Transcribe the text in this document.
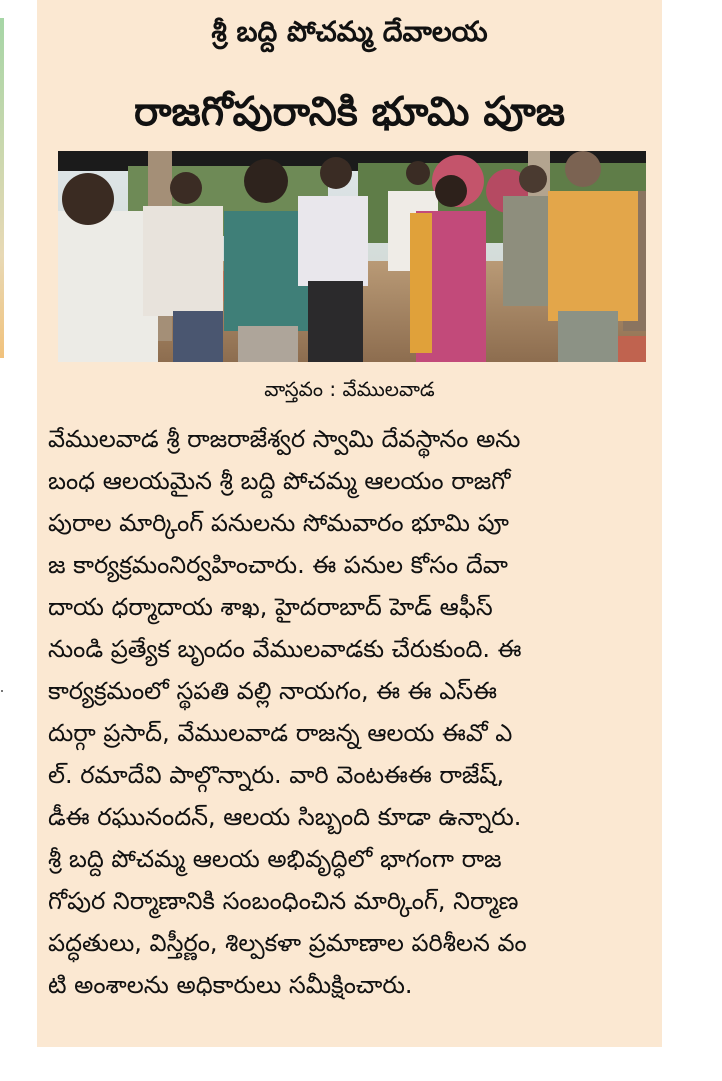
శ్రీ బద్ది పోచమ్మ దేవాలయ
రాజగోపురానికి భూమి పూజ
వాస్తవం : వేములవాడ
వేములవాడ శ్రీ రాజరాజేశ్వర స్వామి దేవస్థానం అను
బంధ ఆలయమైన శ్రీ బద్ది పోచమ్మ ఆలయం రాజగో
పురాల మార్కింగ్ పనులను సోమవారం భూమి పూ
జ కార్యక్రమంనిర్వహించారు. ఈ పనుల కోసం దేవా
దాయ ధర్మాదాయ శాఖ, హైదరాబాద్ హెడ్ ఆఫీస్
నుండి ప్రత్యేక బృందం వేములవాడకు చేరుకుంది. ఈ
కార్యక్రమంలో స్థపతి వల్లి నాయగం, ఈ ఈ ఎస్ఈ
దుర్గా ప్రసాద్, వేములవాడ రాజన్న ఆలయ ఈవో ఎ
ల్. రమాదేవి పాల్గొన్నారు. వారి వెంటఈఈ రాజేష్,
డీఈ రఘునందన్, ఆలయ సిబ్బంది కూడా ఉన్నారు.
శ్రీ బద్ది పోచమ్మ ఆలయ అభివృద్ధిలో భాగంగా రాజ
గోపుర నిర్మాణానికి సంబంధించిన మార్కింగ్, నిర్మాణ
పద్ధతులు, విస్తీర్ణం, శిల్పకళా ప్రమాణాల పరిశీలన వం
టి అంశాలను అధికారులు సమీక్షించారు.
